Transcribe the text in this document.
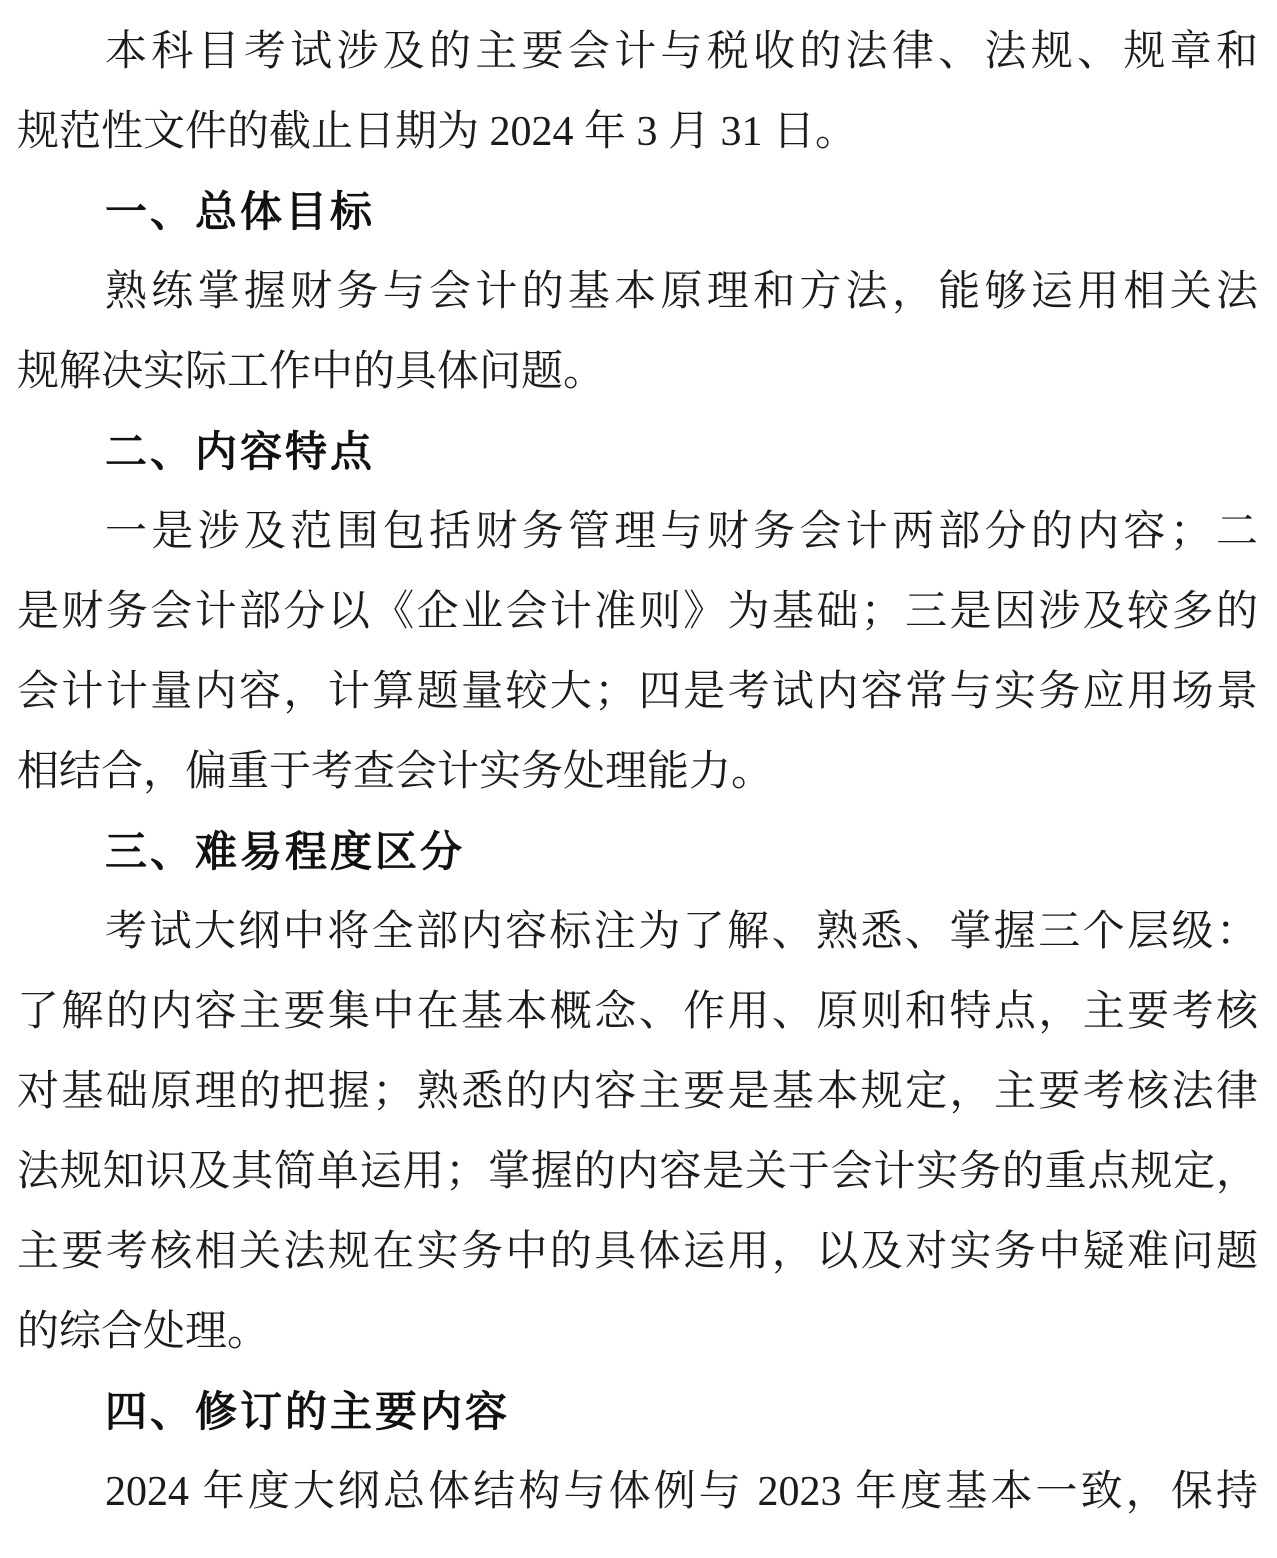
本科目考试涉及的主要会计与税收的法律、法规、规章和
规范性文件的截止日期为 2024 年 3 月 31 日。
一、总体目标
熟练掌握财务与会计的基本原理和方法，能够运用相关法
规解决实际工作中的具体问题。
二、内容特点
一是涉及范围包括财务管理与财务会计两部分的内容；二
是财务会计部分以《企业会计准则》为基础；三是因涉及较多的
会计计量内容，计算题量较大；四是考试内容常与实务应用场景
相结合，偏重于考查会计实务处理能力。
三、难易程度区分
考试大纲中将全部内容标注为了解、熟悉、掌握三个层级：
了解的内容主要集中在基本概念、作用、原则和特点，主要考核
对基础原理的把握；熟悉的内容主要是基本规定，主要考核法律
法规知识及其简单运用；掌握的内容是关于会计实务的重点规定，
主要考核相关法规在实务中的具体运用，以及对实务中疑难问题
的综合处理。
四、修订的主要内容
2024 年度大纲总体结构与体例与 2023 年度基本一致，保持
